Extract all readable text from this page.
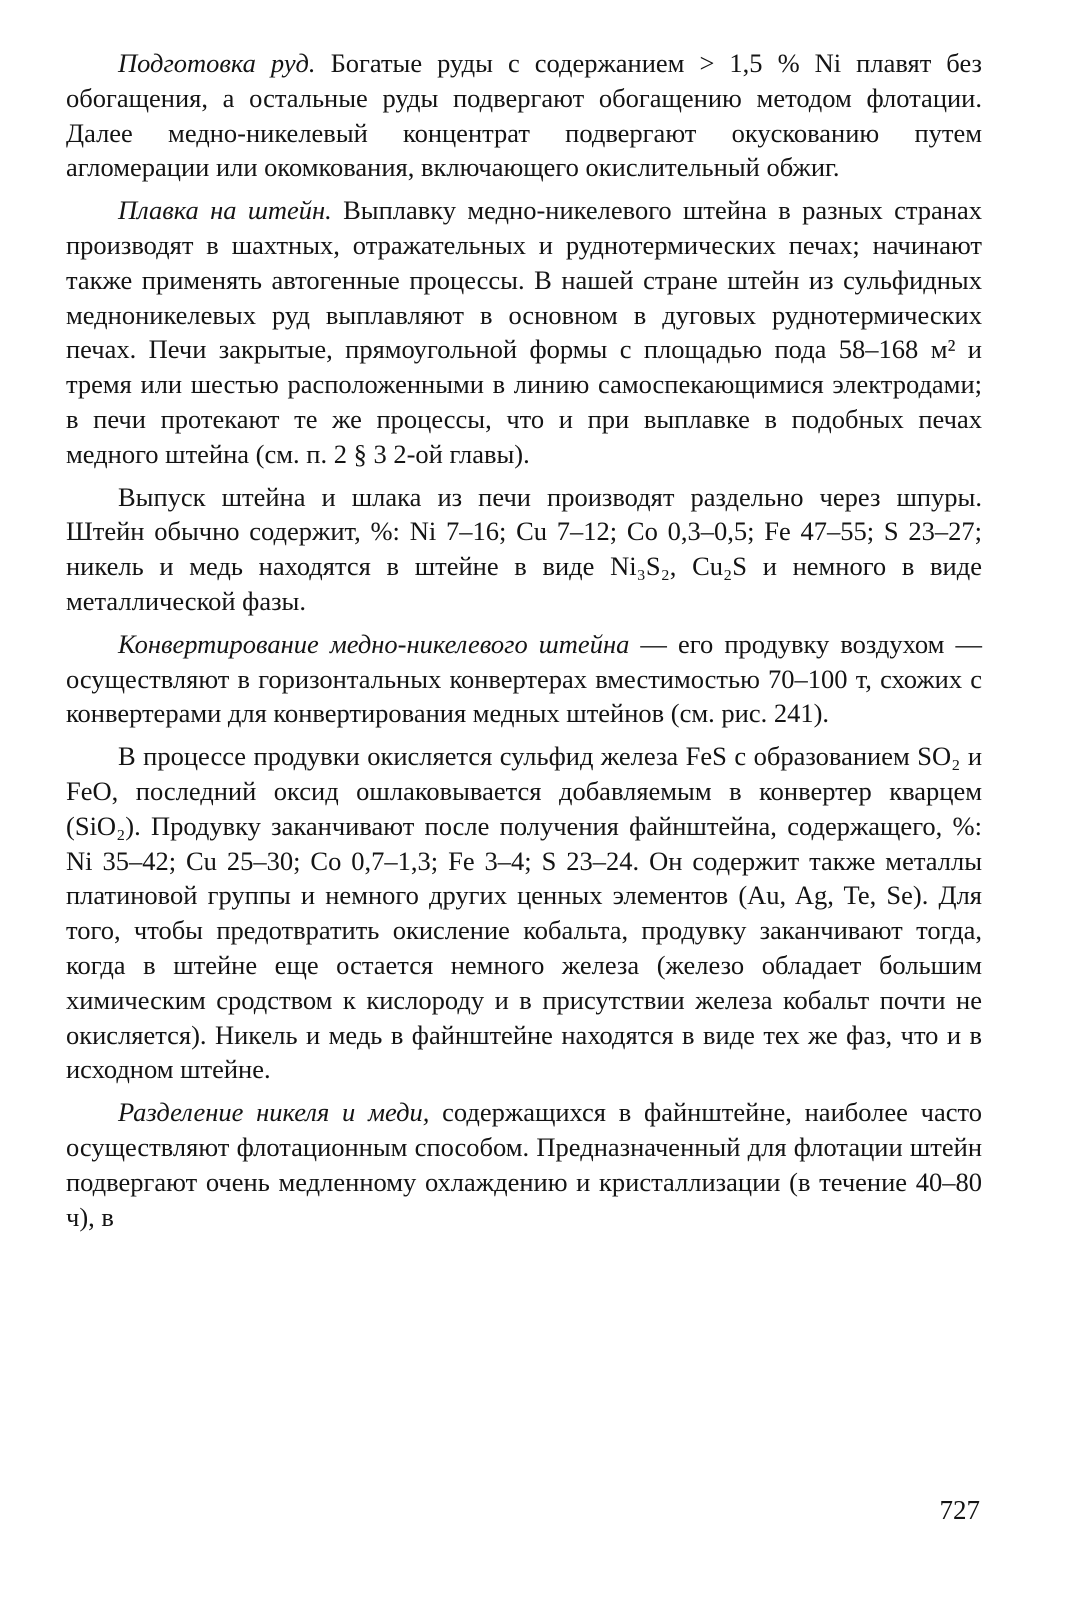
Подготовка руд. Богатые руды с содержанием > 1,5 % Ni плавят без обогащения, а остальные руды подвергают обогащению методом флотации. Далее медно-никелевый концентрат подвергают окускованию путем агломерации или окомкования, включающего окислительный обжиг.

Плавка на штейн. Выплавку медно-никелевого штейна в разных странах производят в шахтных, отражательных и руднотермических печах; начинают также применять автогенные процессы. В нашей стране штейн из сульфидных медноникелевых руд выплавляют в основном в дуговых руднотермических печах. Печи закрытые, прямоугольной формы с площадью пода 58–168 м² и тремя или шестью расположенными в линию самоспекающимися электродами; в печи протекают те же процессы, что и при выплавке в подобных печах медного штейна (см. п. 2 § 3 2-ой главы).

Выпуск штейна и шлака из печи производят раздельно через шпуры. Штейн обычно содержит, %: Ni 7–16; Cu 7–12; Co 0,3–0,5; Fe 47–55; S 23–27; никель и медь находятся в штейне в виде Ni₃S₂, Cu₂S и немного в виде металлической фазы.

Конвертирование медно-никелевого штейна — его продувку воздухом — осуществляют в горизонтальных конвертерах вместимостью 70–100 т, схожих с конвертерами для конвертирования медных штейнов (см. рис. 241).

В процессе продувки окисляется сульфид железа FeS с образованием SO₂ и FeO, последний оксид ошлаковывается добавляемым в конвертер кварцем (SiO₂). Продувку заканчивают после получения файнштейна, содержащего, %: Ni 35–42; Cu 25–30; Co 0,7–1,3; Fe 3–4; S 23–24. Он содержит также металлы платиновой группы и немного других ценных элементов (Au, Ag, Te, Se). Для того, чтобы предотвратить окисление кобальта, продувку заканчивают тогда, когда в штейне еще остается немного железа (железо обладает большим химическим сродством к кислороду и в присутствии железа кобальт почти не окисляется). Никель и медь в файнштейне находятся в виде тех же фаз, что и в исходном штейне.

Разделение никеля и меди, содержащихся в файнштейне, наиболее часто осуществляют флотационным способом. Предназначенный для флотации штейн подвергают очень медленному охлаждению и кристаллизации (в течение 40–80 ч), в

727
